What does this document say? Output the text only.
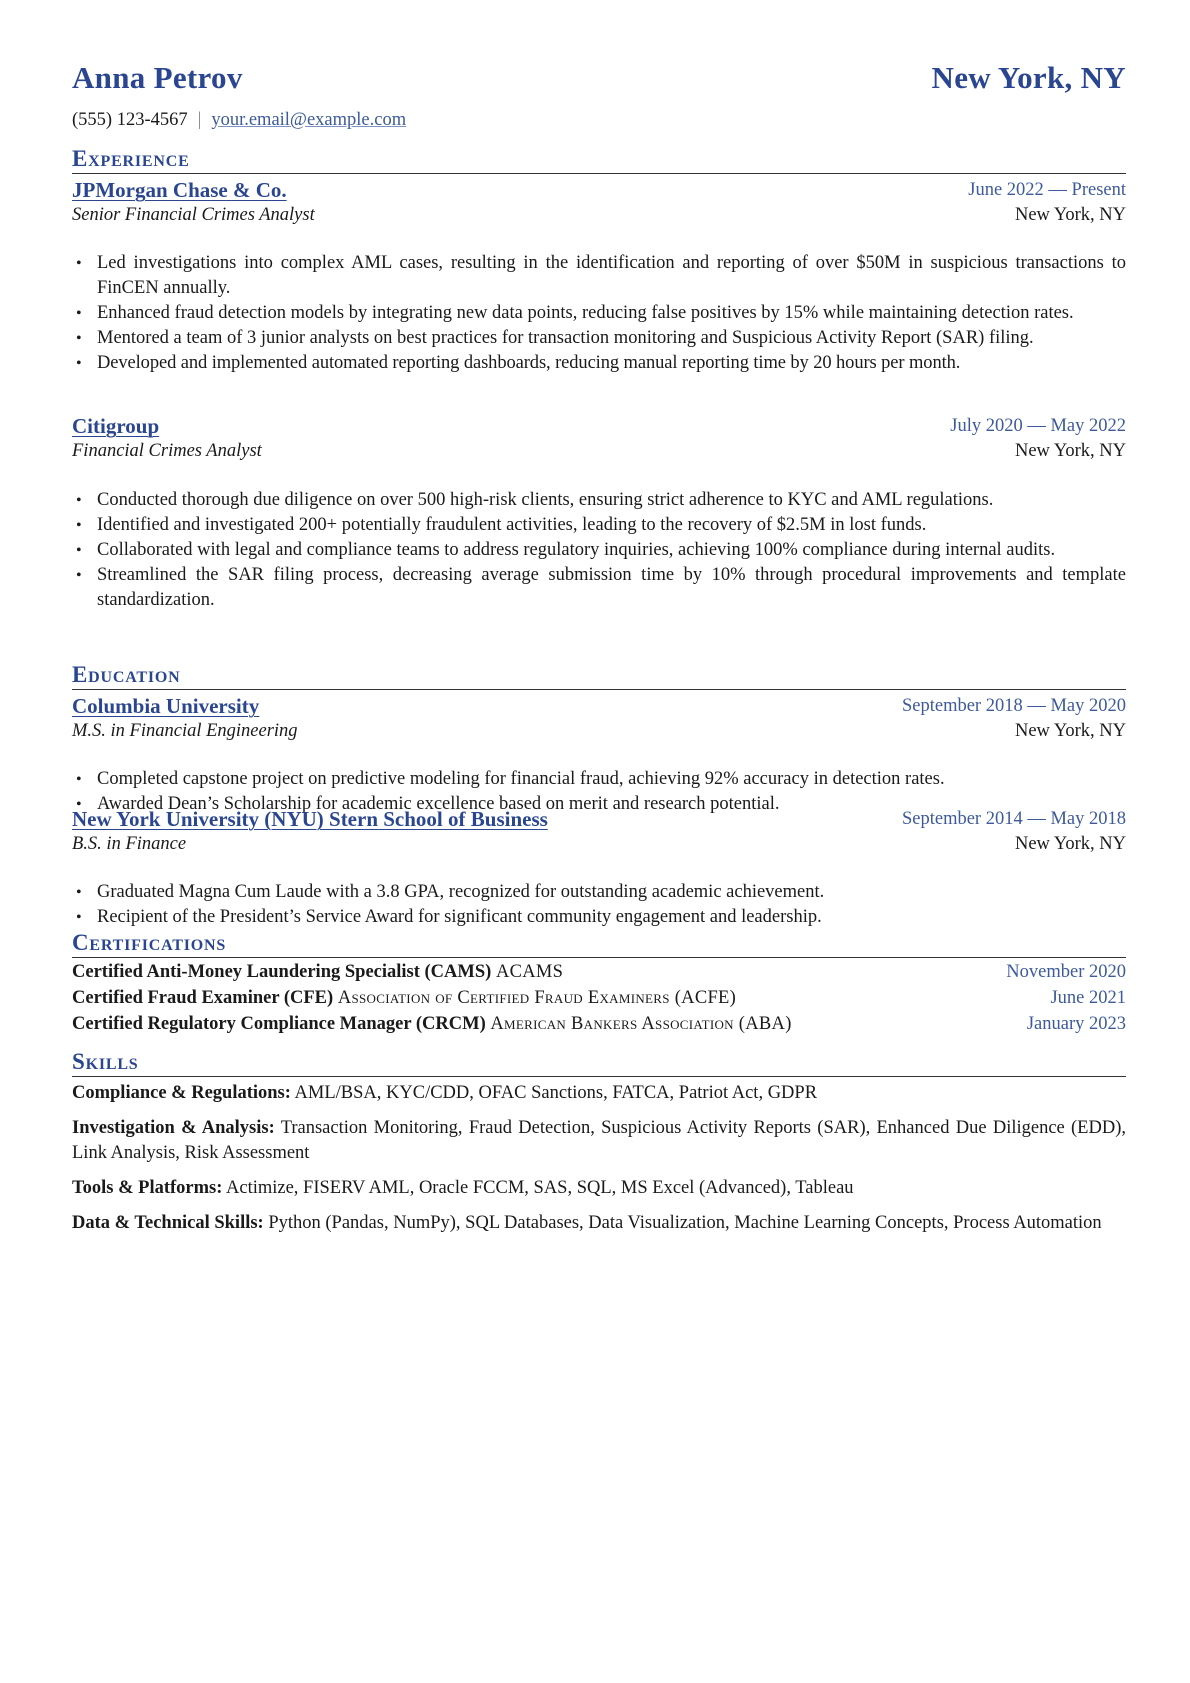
Anna Petrov	New York, NY
(555) 123-4567 | your.email@example.com
Experience
JPMorgan Chase & Co.	June 2022 — Present
Senior Financial Crimes Analyst	New York, NY
• Led investigations into complex AML cases, resulting in the identification and reporting of over $50M in suspicious transactions to FinCEN annually.
• Enhanced fraud detection models by integrating new data points, reducing false positives by 15% while maintaining detection rates.
• Mentored a team of 3 junior analysts on best practices for transaction monitoring and Suspicious Activity Report (SAR) filing.
• Developed and implemented automated reporting dashboards, reducing manual reporting time by 20 hours per month.
Citigroup	July 2020 — May 2022
Financial Crimes Analyst	New York, NY
• Conducted thorough due diligence on over 500 high-risk clients, ensuring strict adherence to KYC and AML regulations.
• Identified and investigated 200+ potentially fraudulent activities, leading to the recovery of $2.5M in lost funds.
• Collaborated with legal and compliance teams to address regulatory inquiries, achieving 100% compliance during internal audits.
• Streamlined the SAR filing process, decreasing average submission time by 10% through procedural improvements and template standardization.
Education
Columbia University	September 2018 — May 2020
M.S. in Financial Engineering	New York, NY
• Completed capstone project on predictive modeling for financial fraud, achieving 92% accuracy in detection rates.
• Awarded Dean’s Scholarship for academic excellence based on merit and research potential.
New York University (NYU) Stern School of Business	September 2014 — May 2018
B.S. in Finance	New York, NY
• Graduated Magna Cum Laude with a 3.8 GPA, recognized for outstanding academic achievement.
• Recipient of the President’s Service Award for significant community engagement and leadership.
Certifications
Certified Anti-Money Laundering Specialist (CAMS) ACAMS	November 2020
Certified Fraud Examiner (CFE) Association of Certified Fraud Examiners (ACFE)	June 2021
Certified Regulatory Compliance Manager (CRCM) American Bankers Association (ABA)	January 2023
Skills
Compliance & Regulations: AML/BSA, KYC/CDD, OFAC Sanctions, FATCA, Patriot Act, GDPR
Investigation & Analysis: Transaction Monitoring, Fraud Detection, Suspicious Activity Reports (SAR), Enhanced Due Diligence (EDD), Link Analysis, Risk Assessment
Tools & Platforms: Actimize, FISERV AML, Oracle FCCM, SAS, SQL, MS Excel (Advanced), Tableau
Data & Technical Skills: Python (Pandas, NumPy), SQL Databases, Data Visualization, Machine Learning Concepts, Process Automation
